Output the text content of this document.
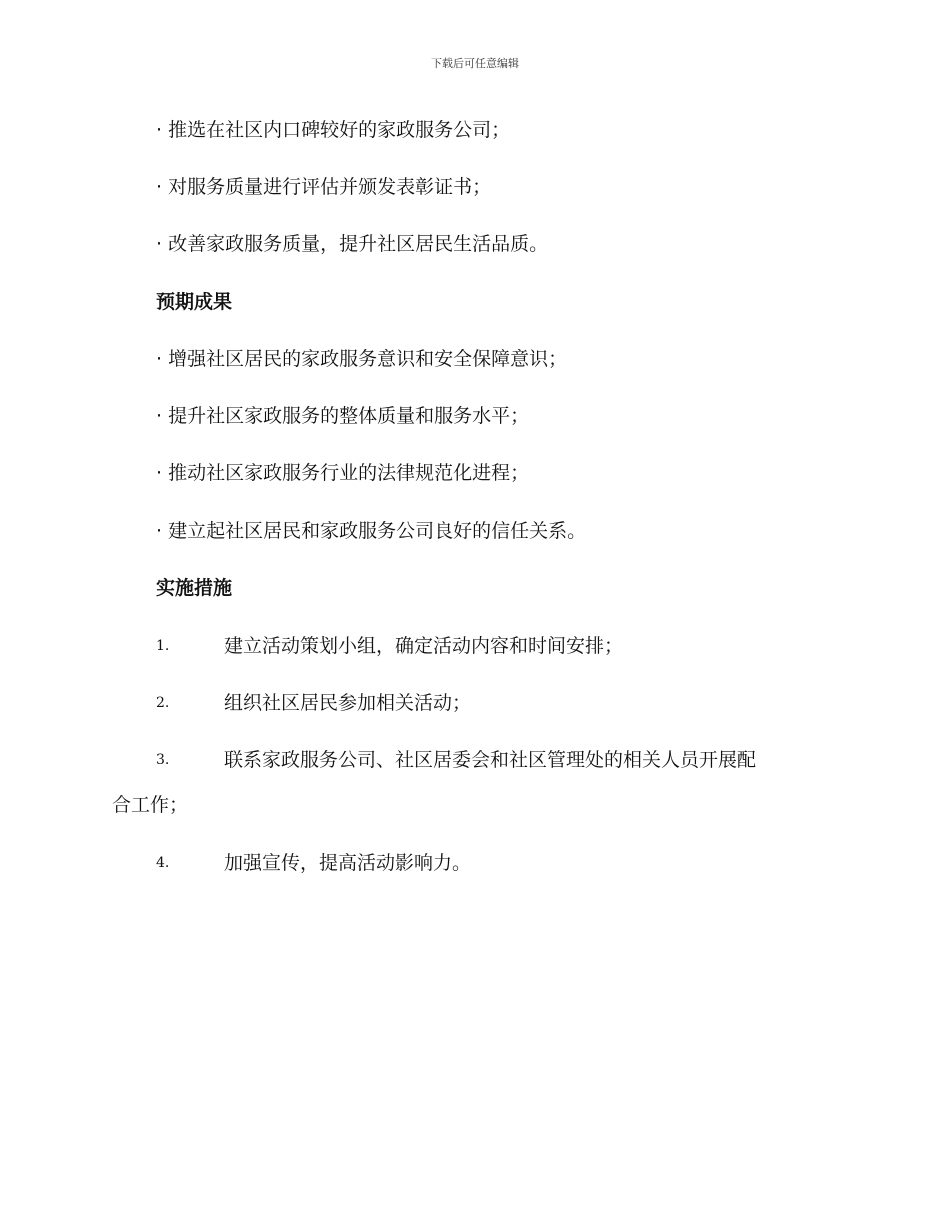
下载后可任意编辑
· 推选在社区内口碑较好的家政服务公司；
· 对服务质量进行评估并颁发表彰证书；
· 改善家政服务质量，提升社区居民生活品质。
预期成果
· 增强社区居民的家政服务意识和安全保障意识；
· 提升社区家政服务的整体质量和服务水平；
· 推动社区家政服务行业的法律规范化进程；
· 建立起社区居民和家政服务公司良好的信任关系。
实施措施
1.	建立活动策划小组，确定活动内容和时间安排；
2.	组织社区居民参加相关活动；
3.	联系家政服务公司、社区居委会和社区管理处的相关人员开展配
合工作；
4.	加强宣传，提高活动影响力。
